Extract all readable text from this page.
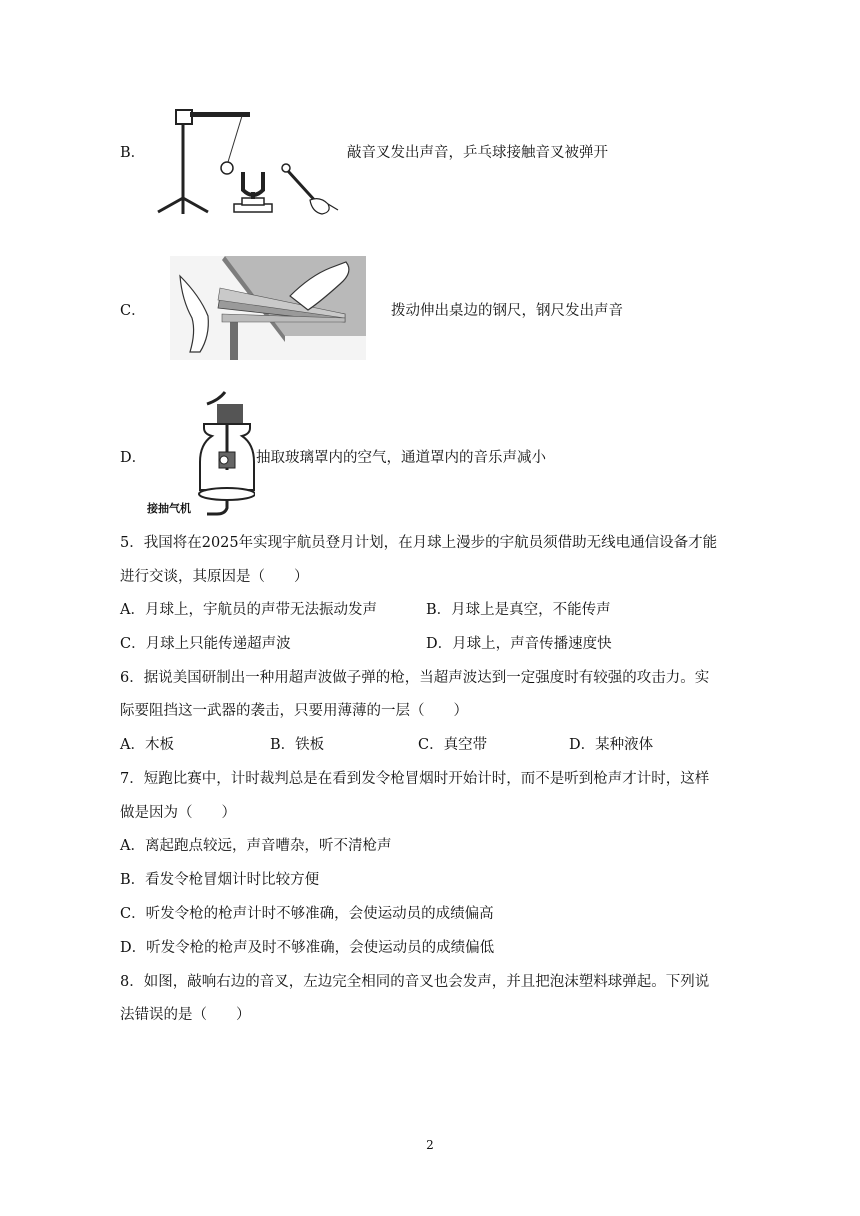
B．	敲音叉发出声音，乒乓球接触音叉被弹开
C．	拨动伸出桌边的钢尺，钢尺发出声音
D．
接抽气机
抽取玻璃罩内的空气，通道罩内的音乐声减小
5．我国将在2025年实现宇航员登月计划，在月球上漫步的宇航员须借助无线电通信设备才能
进行交谈，其原因是（　　）
A．月球上，宇航员的声带无法振动发声	B．月球上是真空，不能传声
C．月球上只能传递超声波	D．月球上，声音传播速度快
6．据说美国研制出一种用超声波做子弹的枪，当超声波达到一定强度时有较强的攻击力。实
际要阻挡这一武器的袭击，只要用薄薄的一层（　　）
A．木板	B．铁板	C．真空带	D．某种液体
7．短跑比赛中，计时裁判总是在看到发令枪冒烟时开始计时，而不是听到枪声才计时，这样
做是因为（　　）
A．离起跑点较远，声音嘈杂，听不清枪声
B．看发令枪冒烟计时比较方便
C．听发令枪的枪声计时不够准确，会使运动员的成绩偏高
D．听发令枪的枪声及时不够准确，会使运动员的成绩偏低
8．如图，敲响右边的音叉，左边完全相同的音叉也会发声，并且把泡沫塑料球弹起。下列说
法错误的是（　　）
2
